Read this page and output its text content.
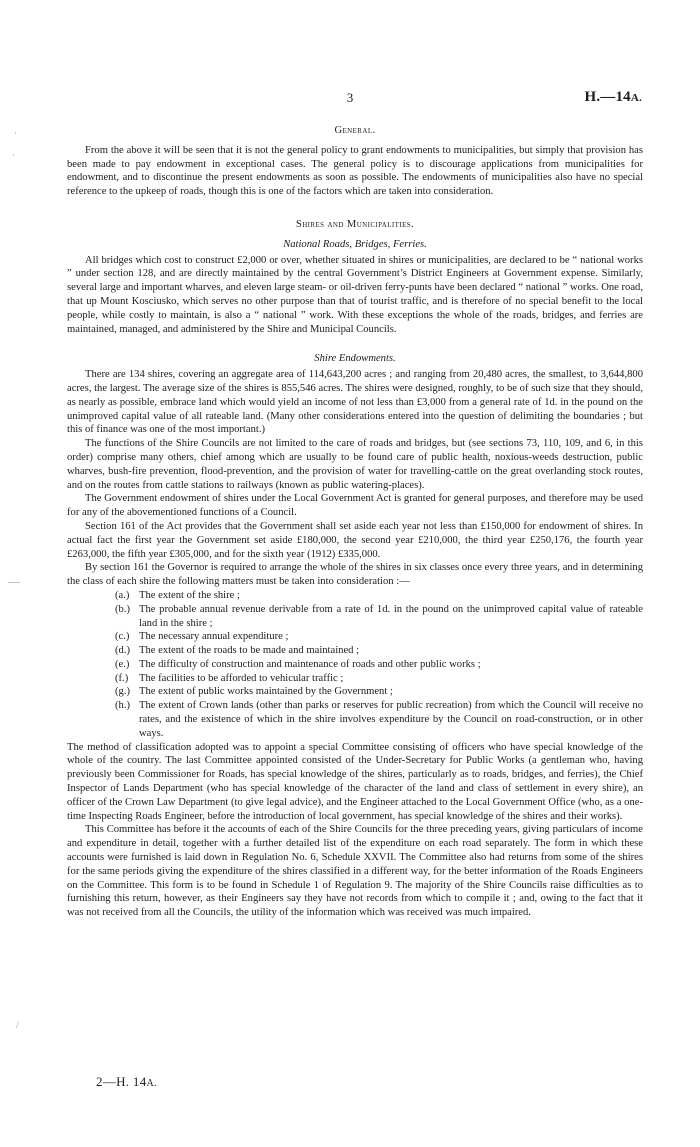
3	H.—14A.
·
·
—
/
General.

From the above it will be seen that it is not the general policy to grant endowments to municipalities, but simply that provision has been made to pay endowment in exceptional cases. The general policy is to discourage applications from municipalities for endowment, and to discontinue the present endowments as soon as possible. The endowments of municipalities also have no special reference to the upkeep of roads, though this is one of the factors which are taken into consideration.

Shires and Municipalities.
National Roads, Bridges, Ferries.

All bridges which cost to construct £2,000 or over, whether situated in shires or municipalities, are declared to be “ national works ” under section 128, and are directly maintained by the central Government’s District Engineers at Government expense. Similarly, several large and important wharves, and eleven large steam- or oil-driven ferry-punts have been declared “ national ” works. One road, that up Mount Kosciusko, which serves no other purpose than that of tourist traffic, and is therefore of no special benefit to the local people, while costly to maintain, is also a “ national ” work. With these exceptions the whole of the roads, bridges, and ferries are maintained, managed, and administered by the Shire and Municipal Councils.

Shire Endowments.

There are 134 shires, covering an aggregate area of 114,643,200 acres ; and ranging from 20,480 acres, the smallest, to 3,644,800 acres, the largest. The average size of the shires is 855,546 acres. The shires were designed, roughly, to be of such size that they should, as nearly as possible, embrace land which would yield an income of not less than £3,000 from a general rate of 1d. in the pound on the unimproved capital value of all rateable land. (Many other considerations entered into the question of delimiting the boundaries ; but this of finance was one of the most important.)

The functions of the Shire Councils are not limited to the care of roads and bridges, but (see sections 73, 110, 109, and 6, in this order) comprise many others, chief among which are usually to be found care of public health, noxious-weeds destruction, public wharves, bush-fire prevention, flood-prevention, and the provision of water for travelling-cattle on the great overlanding stock routes, and on the routes from cattle stations to railways (known as public watering-places).

The Government endowment of shires under the Local Government Act is granted for general purposes, and therefore may be used for any of the abovementioned functions of a Council.

Section 161 of the Act provides that the Government shall set aside each year not less than £150,000 for endowment of shires. In actual fact the first year the Government set aside £180,000, the second year £210,000, the third year £250,176, the fourth year £263,000, the fifth year £305,000, and for the sixth year (1912) £335,000.

By section 161 the Governor is required to arrange the whole of the shires in six classes once every three years, and in determining the class of each shire the following matters must be taken into consideration :—

(a.) The extent of the shire ;
(b.) The probable annual revenue derivable from a rate of 1d. in the pound on the unimproved capital value of rateable land in the shire ;
(c.) The necessary annual expenditure ;
(d.) The extent of the roads to be made and maintained ;
(e.) The difficulty of construction and maintenance of roads and other public works ;
(f.) The facilities to be afforded to vehicular traffic ;
(g.) The extent of public works maintained by the Government ;
(h.) The extent of Crown lands (other than parks or reserves for public recreation) from which the Council will receive no rates, and the existence of which in the shire involves expenditure by the Council on road-construction, or in other ways.

The method of classification adopted was to appoint a special Committee consisting of officers who have special knowledge of the whole of the country. The last Committee appointed consisted of the Under-Secretary for Public Works (a gentleman who, having previously been Commissioner for Roads, has special knowledge of the shires, particularly as to roads, bridges, and ferries), the Chief Inspector of Lands Department (who has special knowledge of the character of the land and class of settlement in every shire), an officer of the Crown Law Department (to give legal advice), and the Engineer attached to the Local Government Office (who, as a one-time Inspecting Roads Engineer, before the introduction of local government, has special knowledge of the shires and their works).

This Committee has before it the accounts of each of the Shire Councils for the three preceding years, giving particulars of income and expenditure in detail, together with a further detailed list of the expenditure on each road separately. The form in which these accounts were furnished is laid down in Regulation No. 6, Schedule XXVII. The Committee also had returns from some of the shires for the same periods giving the expenditure of the shires classified in a different way, for the better information of the Roads Engineers on the Committee. This form is to be found in Schedule 1 of Regulation 9. The majority of the Shire Councils raise difficulties as to furnishing this return, however, as their Engineers say they have not records from which to compile it ; and, owing to the fact that it was not received from all the Councils, the utility of the information which was received was much impaired.

2—H. 14A.
